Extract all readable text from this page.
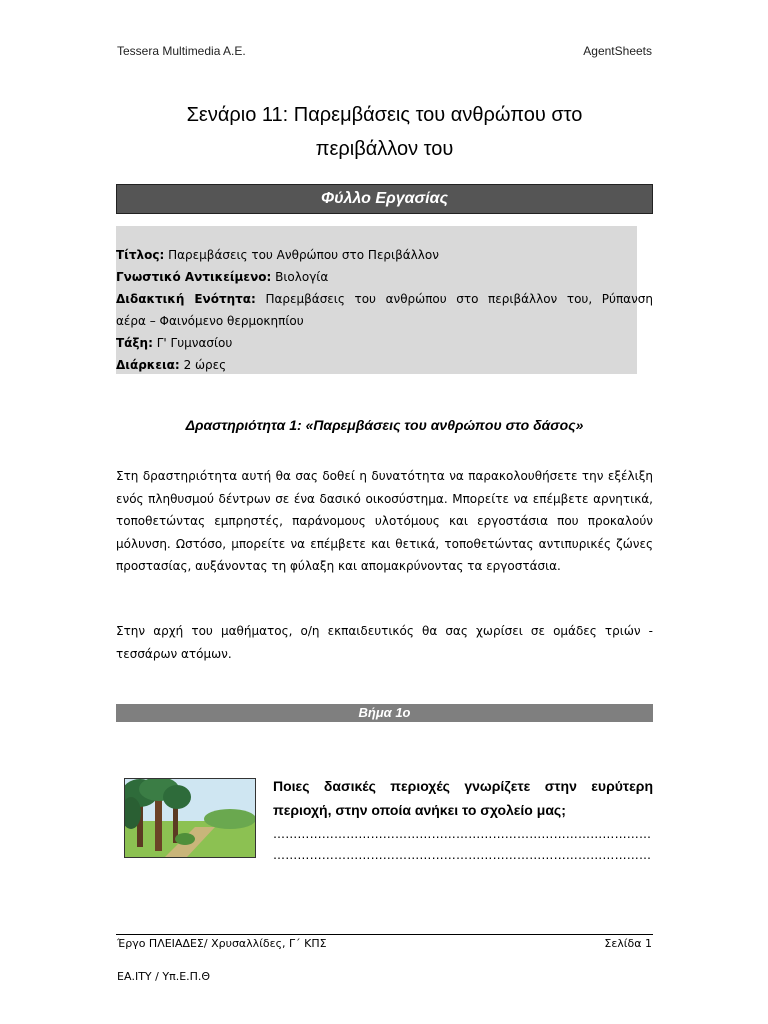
Tessera Multimedia A.E.	AgentSheets
Σενάριο 11: Παρεμβάσεις του ανθρώπου στο
περιβάλλον του
Φύλλο Εργασίας
Τίτλος: Παρεμβάσεις του Ανθρώπου στο Περιβάλλον
Γνωστικό Αντικείμενο: Βιολογία
Διδακτική Ενότητα: Παρεμβάσεις του ανθρώπου στο περιβάλλον του, Ρύπανση
αέρα – Φαινόμενο θερμοκηπίου
Τάξη: Γ' Γυμνασίου
Διάρκεια: 2 ώρες
Δραστηριότητα 1: «Παρεμβάσεις του ανθρώπου στο δάσος»
Στη δραστηριότητα αυτή θα σας δοθεί η δυνατότητα να παρακολουθήσετε την εξέλιξη ενός πληθυσμού δέντρων σε ένα δασικό οικοσύστημα. Μπορείτε να επέμβετε αρνητικά, τοποθετώντας εμπρηστές, παράνομους υλοτόμους και εργοστάσια που προκαλούν μόλυνση. Ωστόσο, μπορείτε να επέμβετε και θετικά, τοποθετώντας αντιπυρικές ζώνες προστασίας, αυξάνοντας τη φύλαξη και απομακρύνοντας τα εργοστάσια.
Στην αρχή του μαθήματος, ο/η εκπαιδευτικός θα σας χωρίσει σε ομάδες τριών - τεσσάρων ατόμων.
Βήμα 1ο
Ποιες δασικές περιοχές γνωρίζετε στην ευρύτερη περιοχή, στην οποία ανήκει το σχολείο μας;
…………………………………………………………………………………
…………………………………………………………………………………
Έργο ΠΛΕΙΑΔΕΣ/ Χρυσαλλίδες, Γ΄ ΚΠΣ	Σελίδα 1
ΕΑ.ΙΤΥ / Υπ.Ε.Π.Θ
